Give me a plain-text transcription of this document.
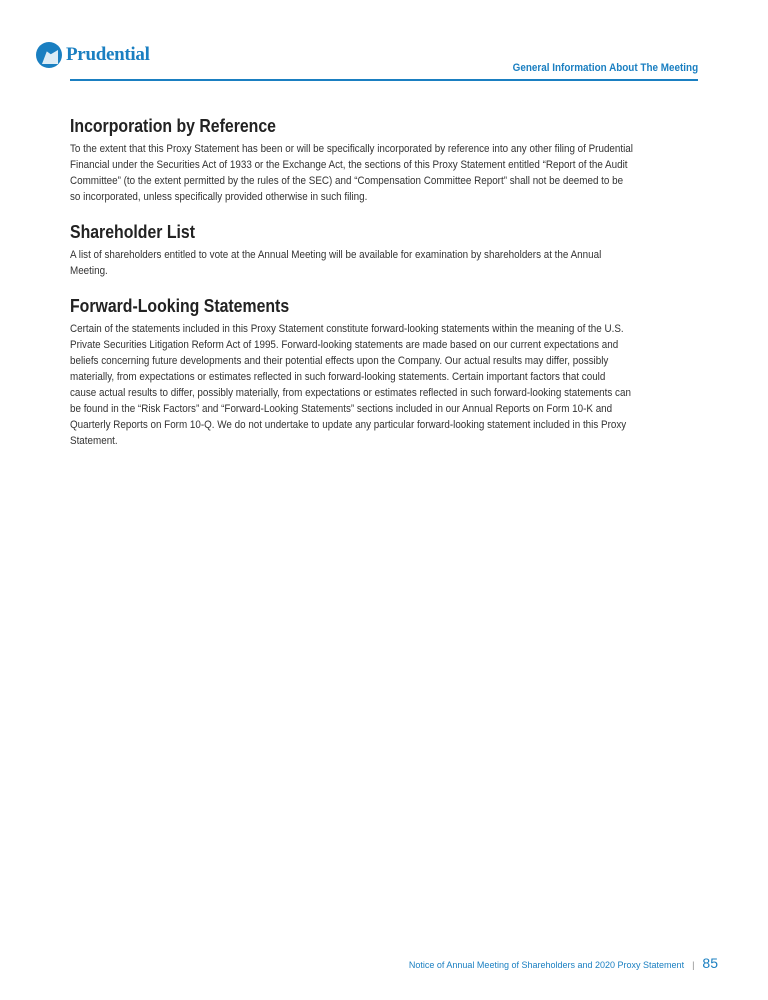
Prudential
General Information About The Meeting
Incorporation by Reference
To the extent that this Proxy Statement has been or will be specifically incorporated by reference into any other filing of Prudential
Financial under the Securities Act of 1933 or the Exchange Act, the sections of this Proxy Statement entitled “Report of the Audit
Committee” (to the extent permitted by the rules of the SEC) and “Compensation Committee Report” shall not be deemed to be
so incorporated, unless specifically provided otherwise in such filing.
Shareholder List
A list of shareholders entitled to vote at the Annual Meeting will be available for examination by shareholders at the Annual
Meeting.
Forward-Looking Statements
Certain of the statements included in this Proxy Statement constitute forward-looking statements within the meaning of the U.S.
Private Securities Litigation Reform Act of 1995. Forward-looking statements are made based on our current expectations and
beliefs concerning future developments and their potential effects upon the Company. Our actual results may differ, possibly
materially, from expectations or estimates reflected in such forward-looking statements. Certain important factors that could
cause actual results to differ, possibly materially, from expectations or estimates reflected in such forward-looking statements can
be found in the “Risk Factors” and “Forward-Looking Statements” sections included in our Annual Reports on Form 10-K and
Quarterly Reports on Form 10-Q. We do not undertake to update any particular forward-looking statement included in this Proxy
Statement.
Notice of Annual Meeting of Shareholders and 2020 Proxy Statement | 85
